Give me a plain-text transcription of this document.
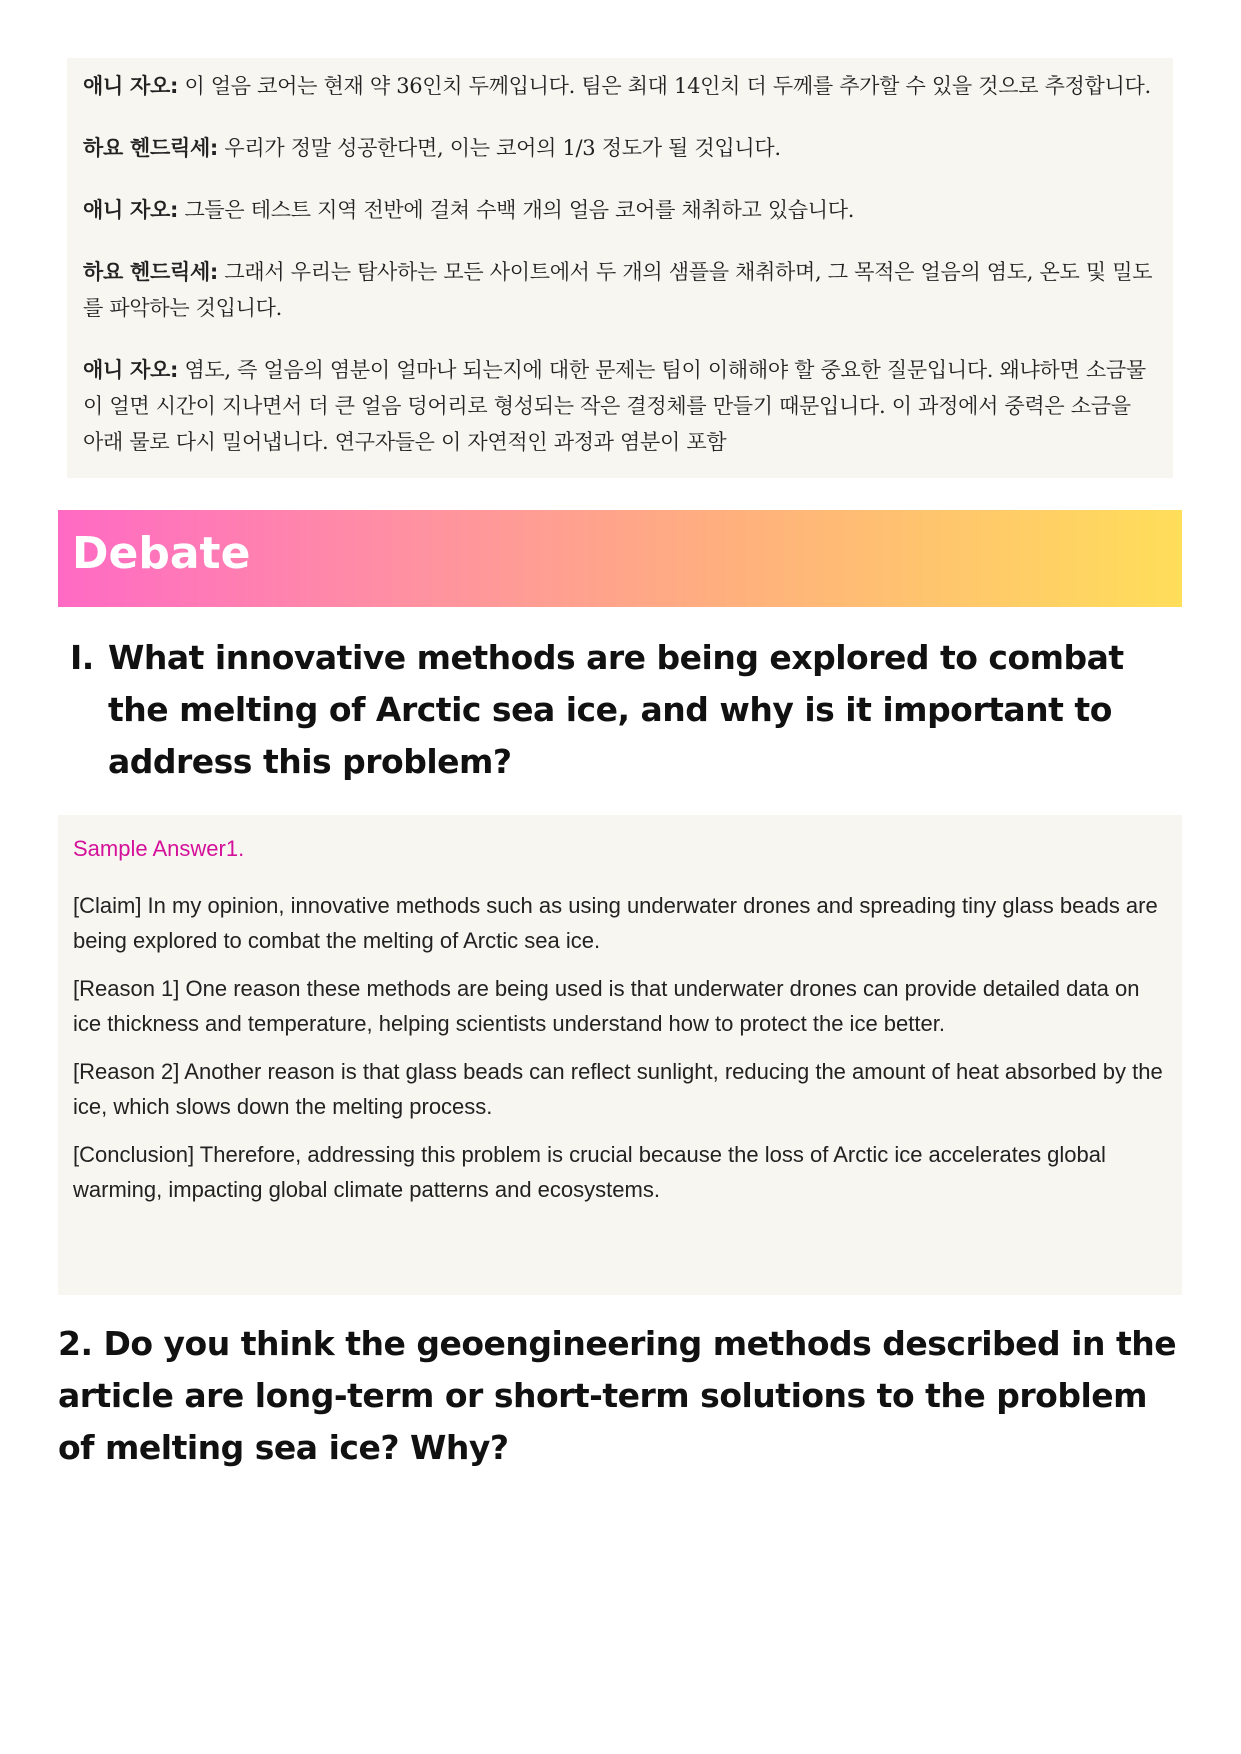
애니 자오: 이 얼음 코어는 현재 약 36인치 두께입니다. 팀은 최대 14인치 더 두께를 추가할 수 있을 것으로 추정합니다.

하요 헨드릭세: 우리가 정말 성공한다면, 이는 코어의 1/3 정도가 될 것입니다.

애니 자오: 그들은 테스트 지역 전반에 걸쳐 수백 개의 얼음 코어를 채취하고 있습니다.

하요 헨드릭세: 그래서 우리는 탐사하는 모든 사이트에서 두 개의 샘플을 채취하며, 그 목적은 얼음의 염도, 온도 및 밀도를 파악하는 것입니다.

애니 자오: 염도, 즉 얼음의 염분이 얼마나 되는지에 대한 문제는 팀이 이해해야 할 중요한 질문입니다. 왜냐하면 소금물이 얼면 시간이 지나면서 더 큰 얼음 덩어리로 형성되는 작은 결정체를 만들기 때문입니다. 이 과정에서 중력은 소금을 아래 물로 다시 밀어냅니다. 연구자들은 이 자연적인 과정과 염분이 포함

Debate
I. What innovative methods are being explored to combat the melting of Arctic sea ice, and why is it important to address this problem?
Sample Answer1.

[Claim] In my opinion, innovative methods such as using underwater drones and spreading tiny glass beads are being explored to combat the melting of Arctic sea ice.

[Reason 1] One reason these methods are being used is that underwater drones can provide detailed data on ice thickness and temperature, helping scientists understand how to protect the ice better.

[Reason 2] Another reason is that glass beads can reflect sunlight, reducing the amount of heat absorbed by the ice, which slows down the melting process.

[Conclusion] Therefore, addressing this problem is crucial because the loss of Arctic ice accelerates global warming, impacting global climate patterns and ecosystems.

2. Do you think the geoengineering methods described in the article are long-term or short-term solutions to the problem of melting sea ice? Why?
